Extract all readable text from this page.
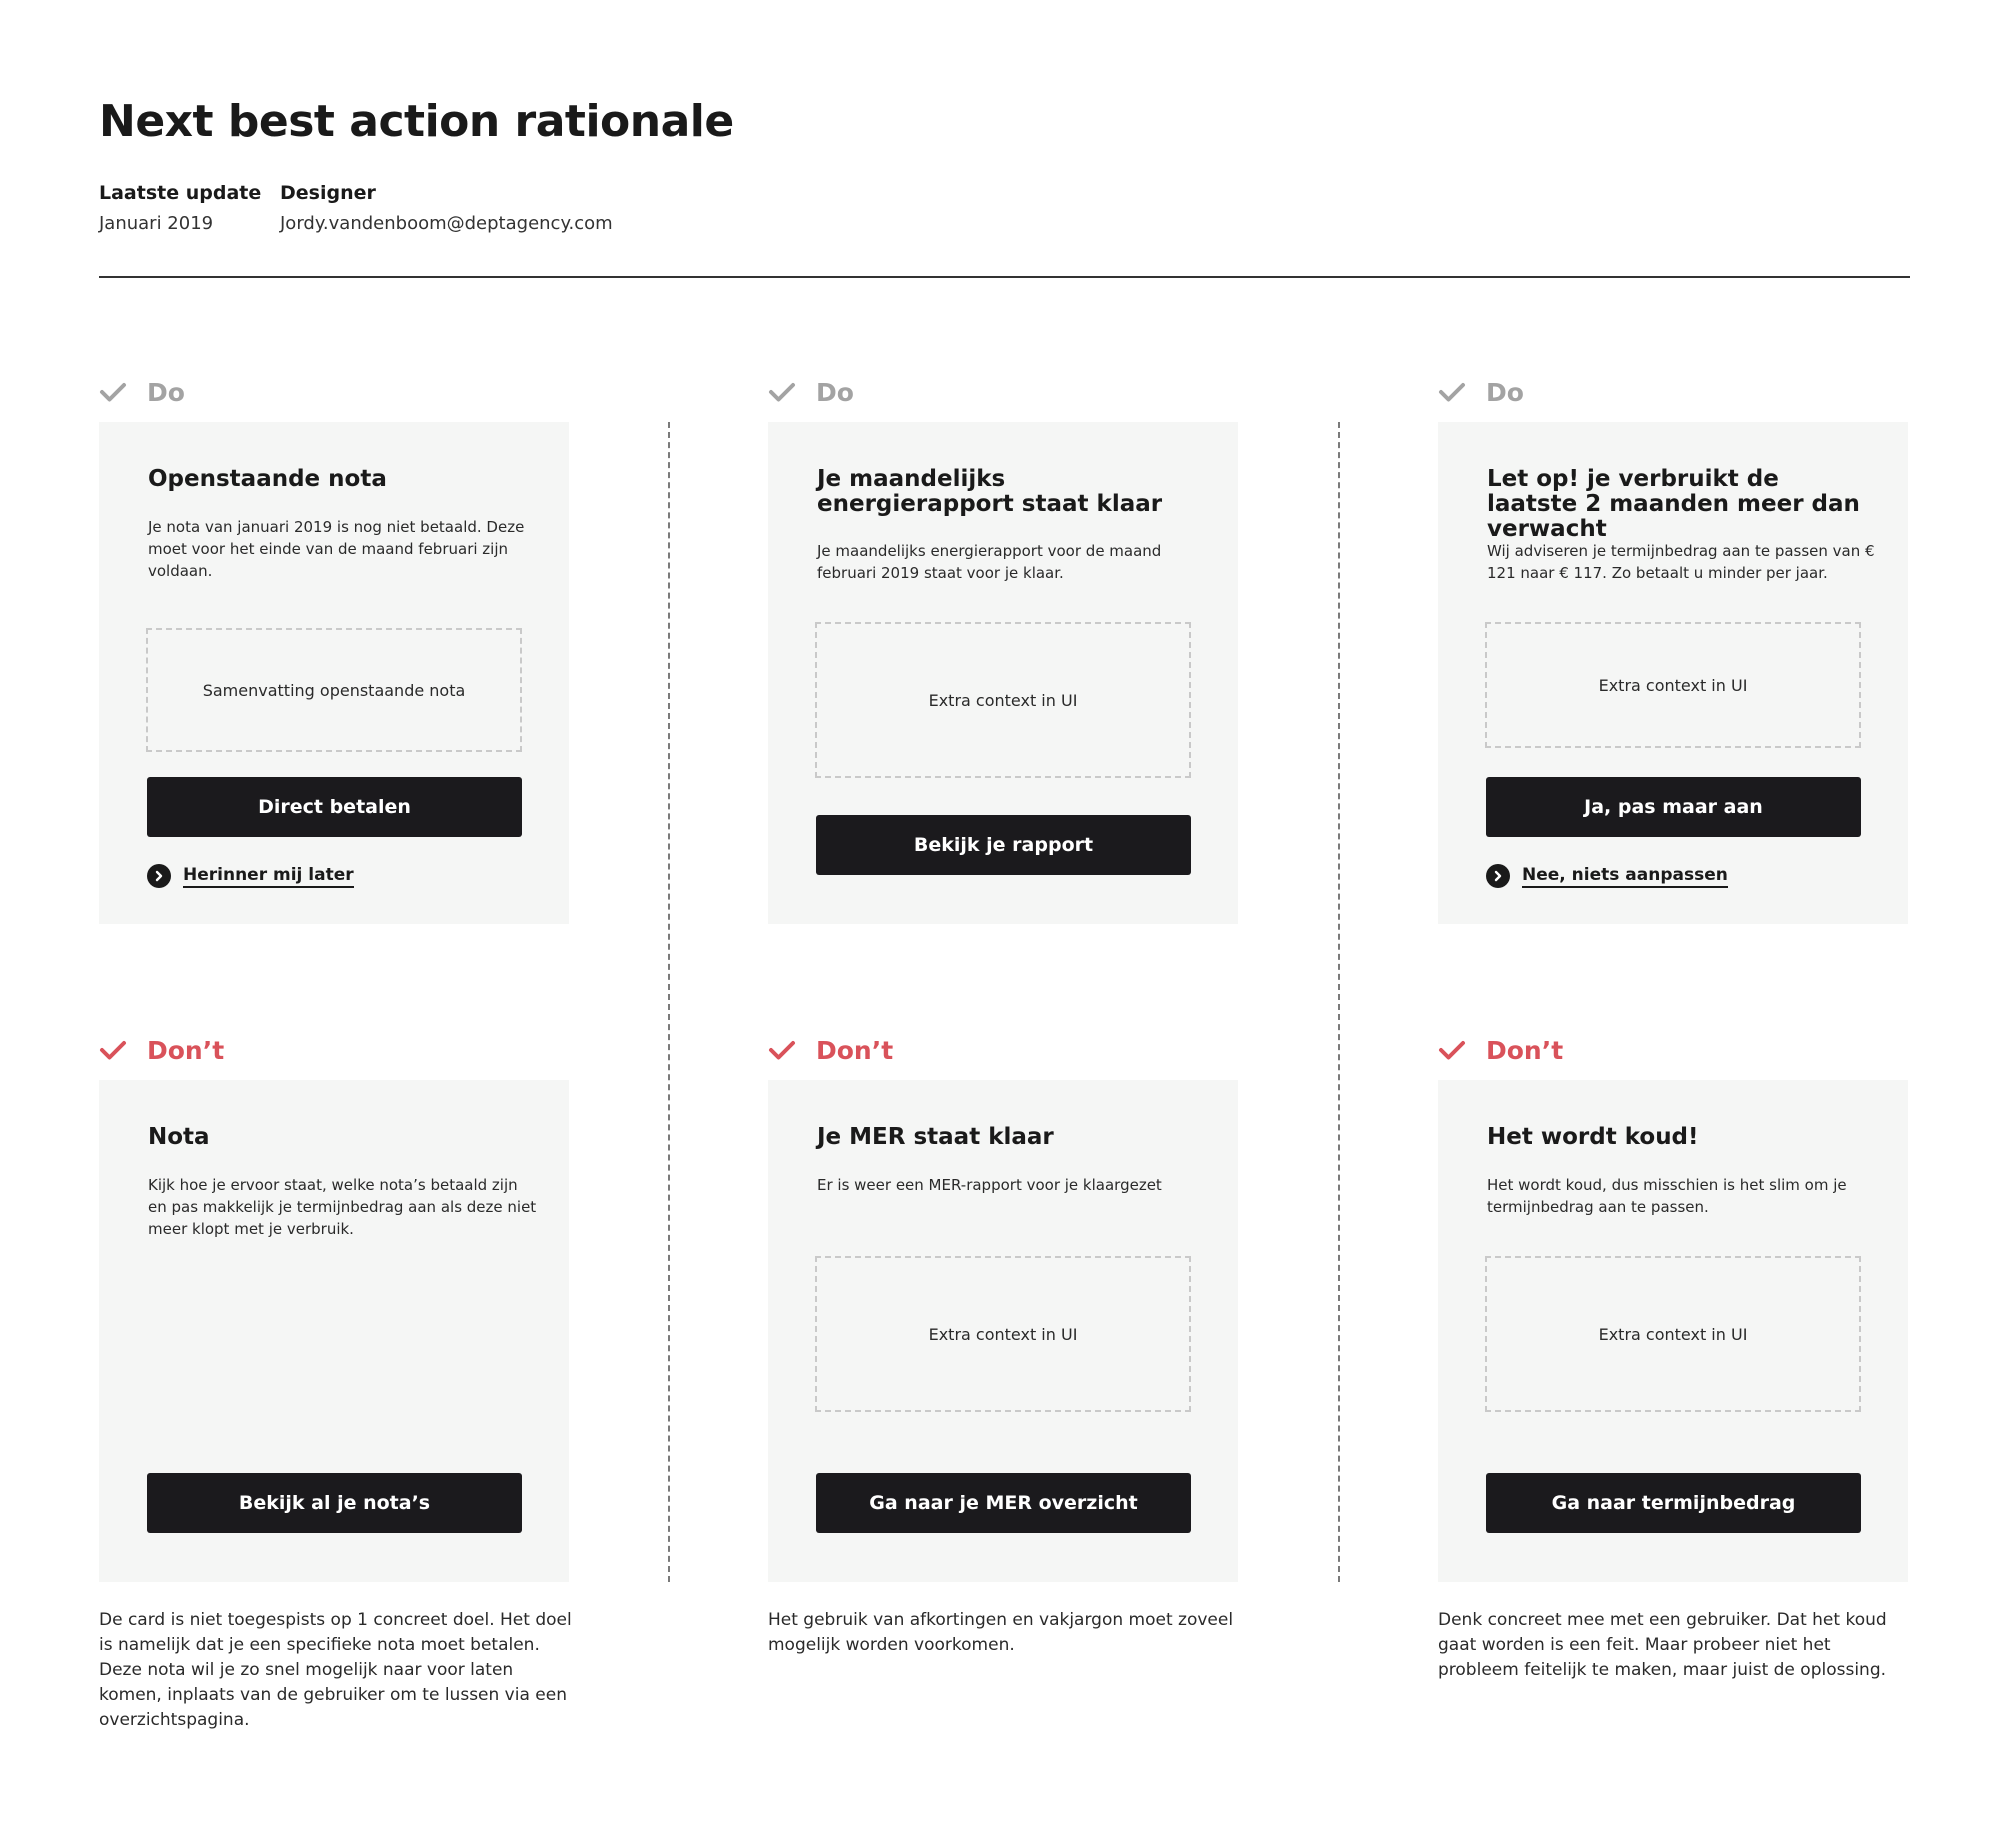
Next best action rationale
Laatste update
Januari 2019
Designer
Jordy.vandenboom@deptagency.com
Do
Openstaande nota

Je nota van januari 2019 is nog niet betaald. Deze moet voor het einde van de maand februari zijn voldaan.

Samenvatting openstaande nota
Direct betalen
Herinner mij later
Don’t
Nota

Kijk hoe je ervoor staat, welke nota’s betaald zijn en pas makkelijk je termijnbedrag aan als deze niet meer klopt met je verbruik.

Bekijk al je nota’s

De card is niet toegespists op 1 concreet doel. Het doel is namelijk dat je een specifieke nota moet betalen. Deze nota wil je zo snel mogelijk naar voor laten komen, inplaats van de gebruiker om te lussen via een overzichtspagina.

Do
Je maandelijks energierapport staat klaar

Je maandelijks energierapport voor de maand februari 2019 staat voor je klaar.

Extra context in UI
Bekijk je rapport
Don’t
Je MER staat klaar

Er is weer een MER-rapport voor je klaargezet

Extra context in UI
Ga naar je MER overzicht

Het gebruik van afkortingen en vakjargon moet zoveel mogelijk worden voorkomen.

Do
Let op! je verbruikt de laatste 2 maanden meer dan verwacht

Wij adviseren je termijnbedrag aan te passen van € 121 naar € 117. Zo betaalt u minder per jaar.

Extra context in UI
Ja, pas maar aan
Nee, niets aanpassen
Don’t
Het wordt koud!

Het wordt koud, dus misschien is het slim om je termijnbedrag aan te passen.

Extra context in UI
Ga naar termijnbedrag

Denk concreet mee met een gebruiker. Dat het koud gaat worden is een feit. Maar probeer niet het probleem feitelijk te maken, maar juist de oplossing.
